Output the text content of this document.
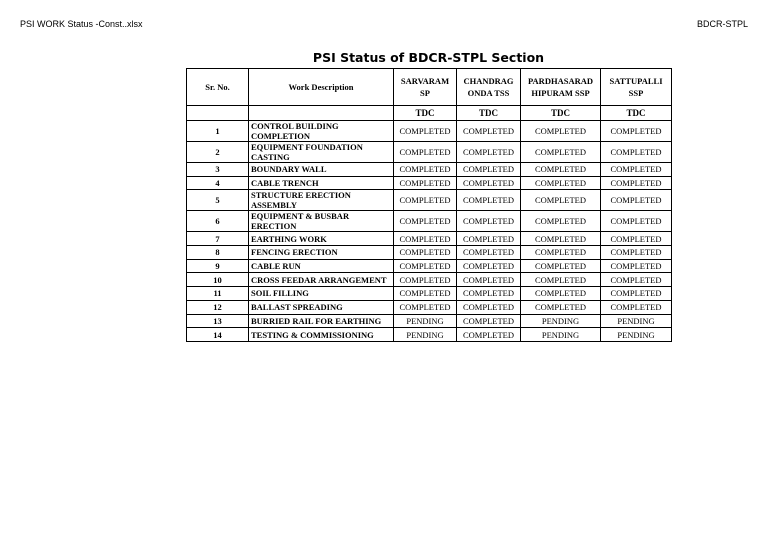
PSI WORK Status -Const..xlsx	BDCR-STPL
PSI Status of BDCR-STPL Section
Sr. No.	Work Description	SARVARAM SP	CHANDRAG ONDA TSS	PARDHASARAD HIPURAM SSP	SATTUPALLI SSP
		TDC	TDC	TDC	TDC
1	CONTROL BUILDING COMPLETION	COMPLETED	COMPLETED	COMPLETED	COMPLETED
2	EQUIPMENT FOUNDATION CASTING	COMPLETED	COMPLETED	COMPLETED	COMPLETED
3	BOUNDARY WALL	COMPLETED	COMPLETED	COMPLETED	COMPLETED
4	CABLE TRENCH	COMPLETED	COMPLETED	COMPLETED	COMPLETED
5	STRUCTURE ERECTION ASSEMBLY	COMPLETED	COMPLETED	COMPLETED	COMPLETED
6	EQUIPMENT & BUSBAR ERECTION	COMPLETED	COMPLETED	COMPLETED	COMPLETED
7	EARTHING WORK	COMPLETED	COMPLETED	COMPLETED	COMPLETED
8	FENCING ERECTION	COMPLETED	COMPLETED	COMPLETED	COMPLETED
9	CABLE RUN	COMPLETED	COMPLETED	COMPLETED	COMPLETED
10	CROSS FEEDAR ARRANGEMENT	COMPLETED	COMPLETED	COMPLETED	COMPLETED
11	SOIL FILLING	COMPLETED	COMPLETED	COMPLETED	COMPLETED
12	BALLAST SPREADING	COMPLETED	COMPLETED	COMPLETED	COMPLETED
13	BURRIED RAIL FOR EARTHING	PENDING	COMPLETED	PENDING	PENDING
14	TESTING & COMMISSIONING	PENDING	COMPLETED	PENDING	PENDING
